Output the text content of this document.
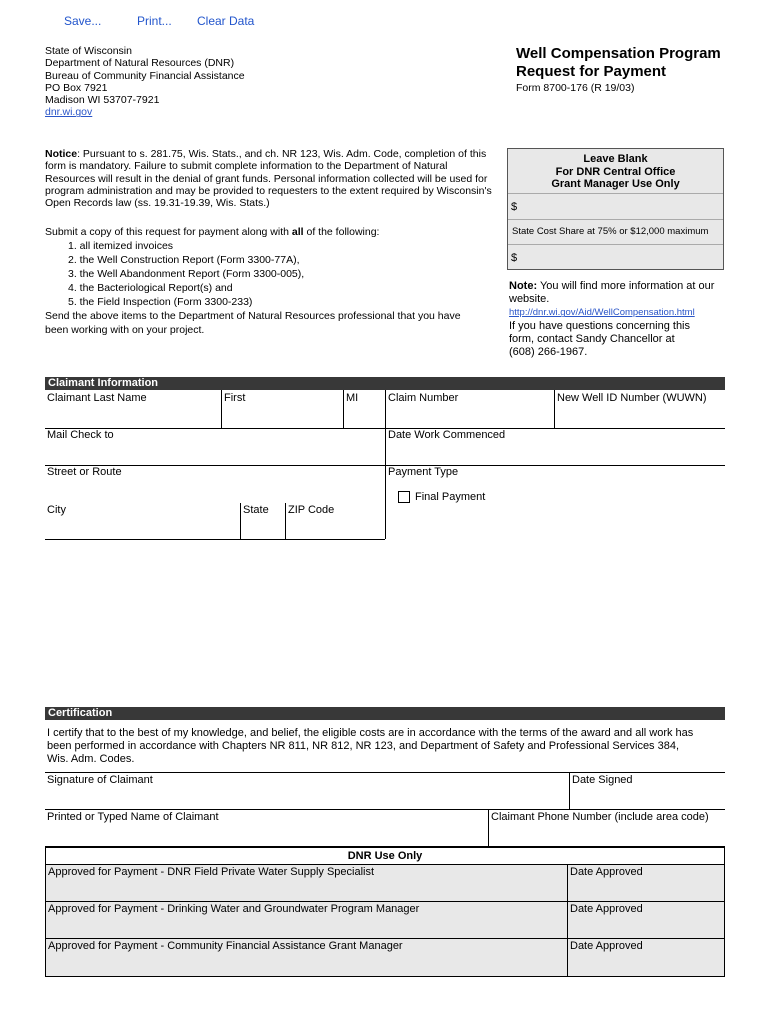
Save...	Print... Clear Data
State of Wisconsin
Department of Natural Resources (DNR)
Bureau of Community Financial Assistance
PO Box 7921
Madison WI 53707-7921
dnr.wi.gov
Well Compensation Program
Request for Payment
Form 8700-176 (R 19/03)
Notice: Pursuant to s. 281.75, Wis. Stats., and ch. NR 123, Wis. Adm. Code, completion of this
form is mandatory. Failure to submit complete information to the Department of Natural
Resources will result in the denial of grant funds. Personal information collected will be used for
program administration and may be provided to requesters to the extent required by Wisconsin's
Open Records law (ss. 19.31-19.39, Wis. Stats.)
Submit a copy of this request for payment along with all of the following:
1. all itemized invoices
2. the Well Construction Report (Form 3300-77A),
3. the Well Abandonment Report (Form 3300-005),
4. the Bacteriological Report(s) and
5. the Field Inspection (Form 3300-233)
Send the above items to the Department of Natural Resources professional that you have
been working with on your project.
Leave Blank
For DNR Central Office
Grant Manager Use Only
$
State Cost Share at 75% or $12,000 maximum
$
Note: You will find more information at our
website.
http://dnr.wi.gov/Aid/WellCompensation.html
If you have questions concerning this
form, contact Sandy Chancellor at
(608) 266-1967.
Claimant Information
Claimant Last Name	First	MI	Claim Number	New Well ID Number (WUWN)
Mail Check to	Date Work Commenced
Street or Route	Payment Type
Final Payment
City	State ZIP Code
Certification
I certify that to the best of my knowledge, and belief, the eligible costs are in accordance with the terms of the award and all work has
been performed in accordance with Chapters NR 811, NR 812, NR 123, and Department of Safety and Professional Services 384,
Wis. Adm. Codes.
Signature of Claimant	Date Signed
Printed or Typed Name of Claimant	Claimant Phone Number (include area code)
DNR Use Only
Approved for Payment - DNR Field Private Water Supply Specialist	Date Approved
Approved for Payment - Drinking Water and Groundwater Program Manager	Date Approved
Approved for Payment - Community Financial Assistance Grant Manager	Date Approved
